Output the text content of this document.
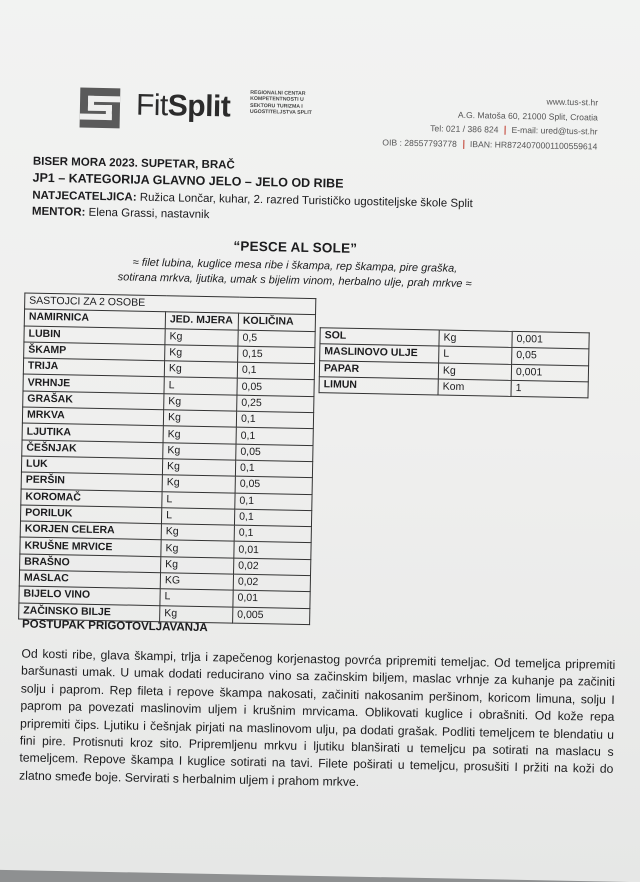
FitSplit	REGIONALNI CENTAR KOMPETENTNOSTI U SEKTORU TURIZMA I UGOSTITELJSTVA SPLIT
www.tus-st.hr
A.G. Matoša 60, 21000 Split, Croatia
Tel: 021 / 386 824 E-mail: ured@tus-st.hr
OIB : 28557793778 IBAN: HR8724070001100559614
BISER MORA 2023. SUPETAR, BRAČ
JP1 – KATEGORIJA GLAVNO JELO – JELO OD RIBE
NATJECATELJICA: Ružica Lončar, kuhar, 2. razred Turističko ugostiteljske škole Split
MENTOR: Elena Grassi, nastavnik
“PESCE AL SOLE”
≈ filet lubina, kuglice mesa ribe i škampa, rep škampa, pire graška,
sotirana mrkva, ljutika, umak s bijelim vinom, herbalno ulje, prah mrkve ≈
SASTOJCI ZA 2 OSOBE		
NAMIRNICA	JED. MJERA	KOLIČINA
LUBIN	Kg	0,5
ŠKAMP	Kg	0,15
TRIJA	Kg	0,1
VRHNJE	L	0,05
GRAŠAK	Kg	0,25
MRKVA	Kg	0,1
LJUTIKA	Kg	0,1
ČEŠNJAK	Kg	0,05
LUK	Kg	0,1
PERŠIN	Kg	0,05
KOROMAČ	L	0,1
PORILUK	L	0,1
KORJEN CELERA	Kg	0,1
KRUŠNE MRVICE	Kg	0,01
BRAŠNO	Kg	0,02
MASLAC	KG	0,02
BIJELO VINO	L	0,01
ZAČINSKO BILJE	Kg	0,005
SOL	Kg	0,001
MASLINOVO ULJE	L	0,05
PAPAR	Kg	0,001
LIMUN	Kom	1
POSTUPAK PRIGOTOVLJAVANJA
Od kosti ribe, glava škampi, trlja i zapečenog korjenastog povrća pripremiti temeljac. Od temeljca pripremiti baršunasti umak. U umak dodati reducirano vino sa začinskim biljem, maslac vrhnje za kuhanje pa začiniti solju i paprom. Rep fileta i repove škampa nakosati, začiniti nakosanim peršinom, koricom limuna, solju I paprom pa povezati maslinovim uljem i krušnim mrvicama. Oblikovati kuglice i obrašniti. Od kože repa pripremiti čips. Ljutiku i češnjak pirjati na maslinovom ulju, pa dodati grašak. Podliti temeljcem te blendatiu u fini pire. Protisnuti kroz sito. Pripremljenu mrkvu i ljutiku blanširati u temeljcu pa sotirati na maslacu s temeljcem. Repove škampa I kuglice sotirati na tavi. Filete poširati u temeljcu, prosušiti I pržiti na koži do zlatno smeđe boje. Servirati s herbalnim uljem i prahom mrkve.
